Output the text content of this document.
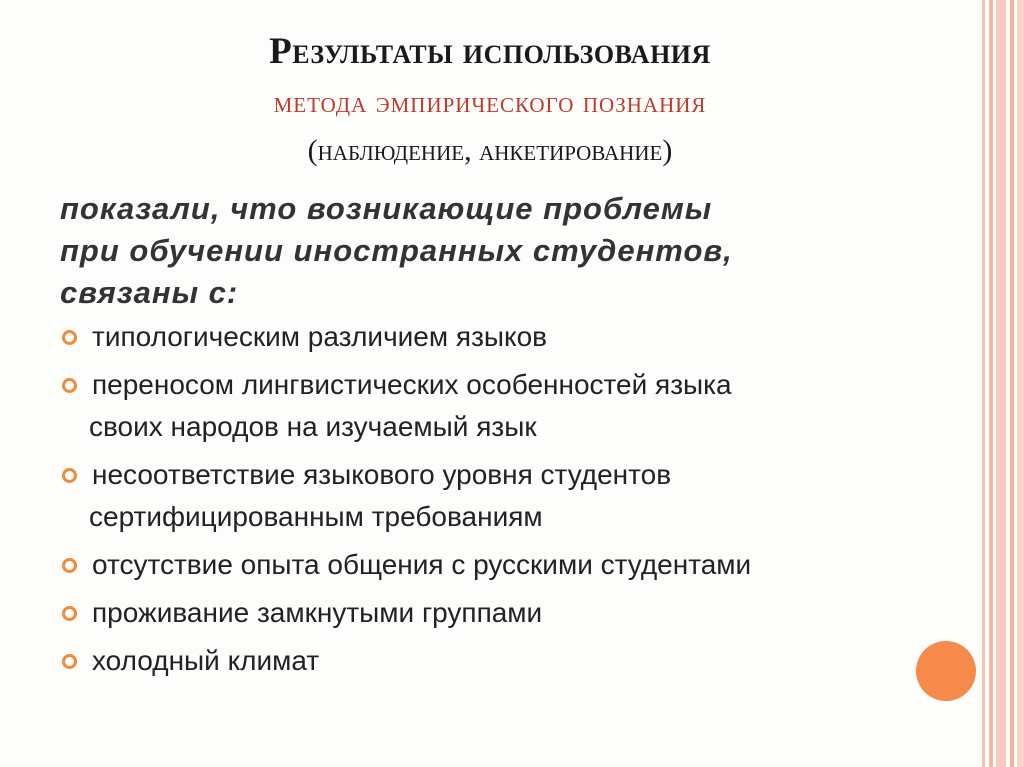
Результаты использования
метода эмпирического познания
(наблюдение, анкетирование)
показали, что возникающие проблемы
при обучении иностранных студентов,
связаны с:
типологическим различием языков
переносом лингвистических особенностей языка
своих народов на изучаемый язык
несоответствие языкового уровня студентов
сертифицированным требованиям
отсутствие опыта общения с русскими студентами
проживание замкнутыми группами
холодный климат
